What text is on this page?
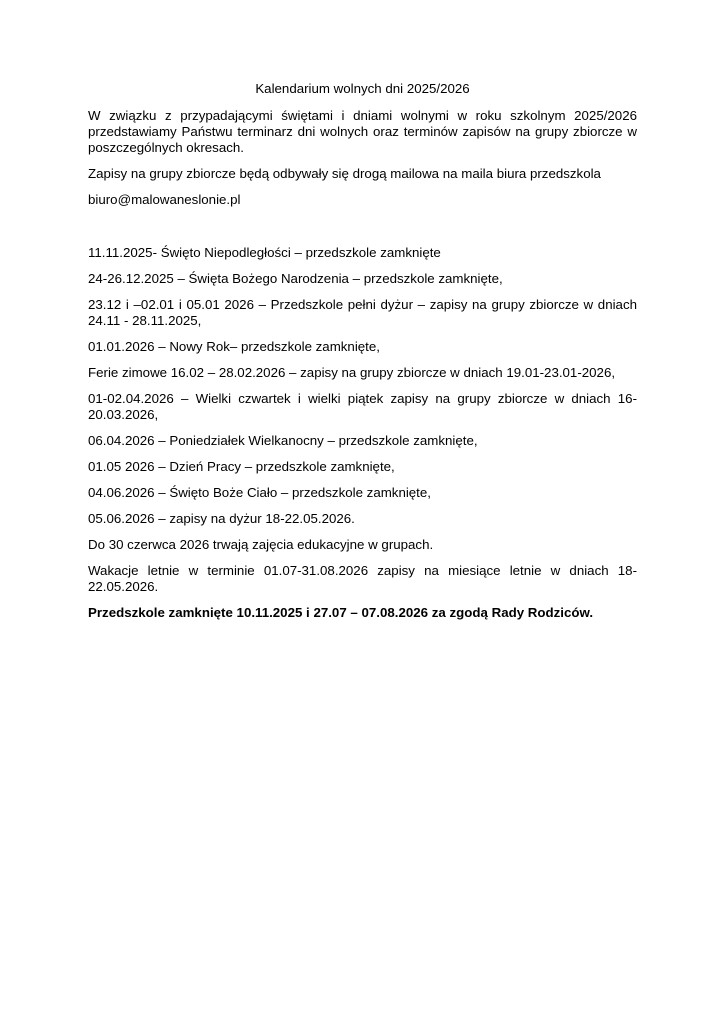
Kalendarium wolnych dni 2025/2026

W związku z przypadającymi świętami i dniami wolnymi w roku szkolnym 2025/2026 przedstawiamy Państwu terminarz dni wolnych oraz terminów zapisów na grupy zbiorcze w poszczególnych okresach.

Zapisy na grupy zbiorcze będą odbywały się drogą mailowa na maila biura przedszkola

biuro@malowaneslonie.pl

11.11.2025- Święto Niepodległości – przedszkole zamknięte

24-26.12.2025 – Święta Bożego Narodzenia – przedszkole zamknięte,

23.12 i –02.01 i 05.01 2026 – Przedszkole pełni dyżur – zapisy na grupy zbiorcze w dniach 24.11 - 28.11.2025,

01.01.2026 – Nowy Rok– przedszkole zamknięte,

Ferie zimowe 16.02 – 28.02.2026 – zapisy na grupy zbiorcze w dniach 19.01-23.01-2026,

01-02.04.2026 – Wielki czwartek i wielki piątek zapisy na grupy zbiorcze w dniach 16-20.03.2026,

06.04.2026 – Poniedziałek Wielkanocny – przedszkole zamknięte,

01.05 2026 – Dzień Pracy – przedszkole zamknięte,

04.06.2026 – Święto Boże Ciało – przedszkole zamknięte,

05.06.2026 – zapisy na dyżur 18-22.05.2026.

Do 30 czerwca 2026 trwają zajęcia edukacyjne w grupach.

Wakacje letnie w terminie 01.07-31.08.2026 zapisy na miesiące letnie w dniach 18-22.05.2026.

Przedszkole zamknięte 10.11.2025 i 27.07 – 07.08.2026 za zgodą Rady Rodziców.
